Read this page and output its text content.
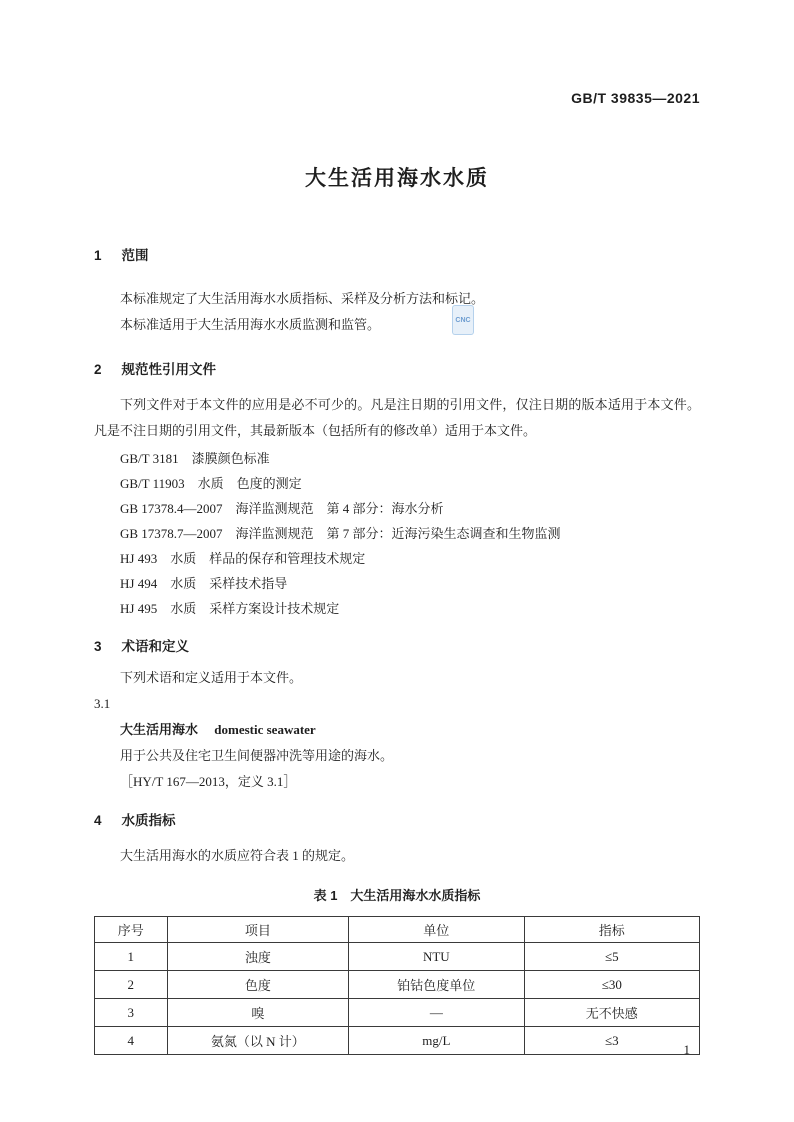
GB/T 39835—2021
CNC
大生活用海水水质
1 范围

本标准规定了大生活用海水水质指标、采样及分析方法和标记。

本标准适用于大生活用海水水质监测和监管。

2 规范性引用文件

下列文件对于本文件的应用是必不可少的。凡是注日期的引用文件，仅注日期的版本适用于本文件。凡是不注日期的引用文件，其最新版本（包括所有的修改单）适用于本文件。

GB/T 3181　漆膜颜色标准
GB/T 11903　水质　色度的测定
GB 17378.4—2007　海洋监测规范　第 4 部分：海水分析
GB 17378.7—2007　海洋监测规范　第 7 部分：近海污染生态调查和生物监测
HJ 493　水质　样品的保存和管理技术规定
HJ 494　水质　采样技术指导
HJ 495　水质　采样方案设计技术规定
3 术语和定义

下列术语和定义适用于本文件。

3.1
大生活用海水 domestic seawater

用于公共及住宅卫生间便器冲洗等用途的海水。

［HY/T 167—2013，定义 3.1］

4 水质指标

大生活用海水的水质应符合表 1 的规定。

表 1　大生活用海水水质指标
序号	项目	单位	指标
1	浊度	NTU	≤5
2	色度	铂钴色度单位	≤30
3	嗅	—	无不快感
4	氨氮（以 N 计）	mg/L	≤3
1
